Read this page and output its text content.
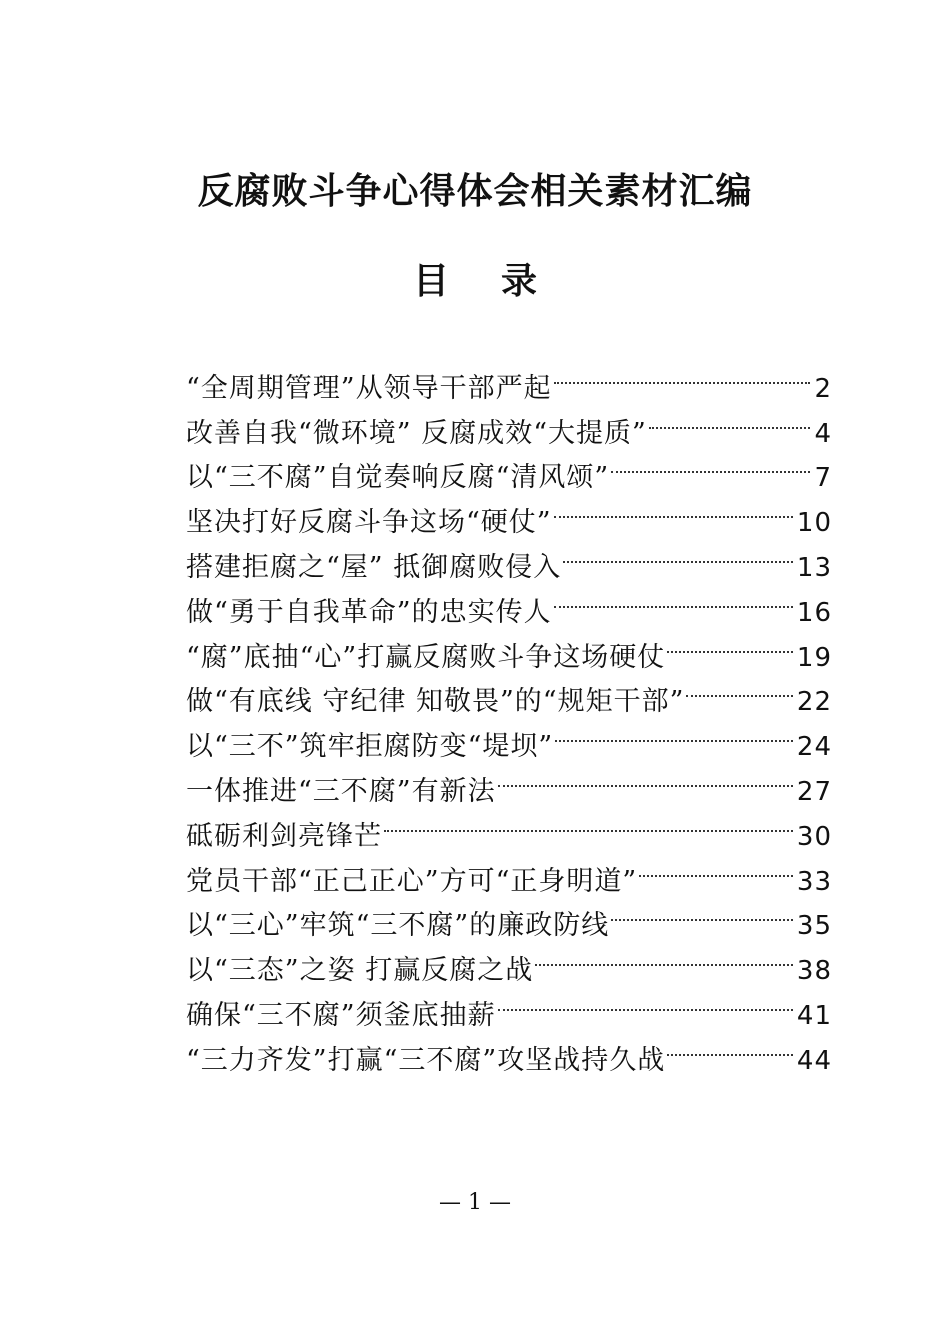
反腐败斗争心得体会相关素材汇编
目 录
“全周期管理”从领导干部严起	2
改善自我“微环境” 反腐成效“大提质”	4
以“三不腐”自觉奏响反腐“清风颂”	7
坚决打好反腐斗争这场“硬仗”	10
搭建拒腐之“屋” 抵御腐败侵入	13
做“勇于自我革命”的忠实传人	16
“腐”底抽“心”打赢反腐败斗争这场硬仗	19
做“有底线 守纪律 知敬畏”的“规矩干部”	22
以“三不”筑牢拒腐防变“堤坝”	24
一体推进“三不腐”有新法	27
砥砺利剑亮锋芒	30
党员干部“正己正心”方可“正身明道”	33
以“三心”牢筑“三不腐”的廉政防线	35
以“三态”之姿 打赢反腐之战	38
确保“三不腐”须釜底抽薪	41
“三力齐发”打赢“三不腐”攻坚战持久战	44
— 1 —
